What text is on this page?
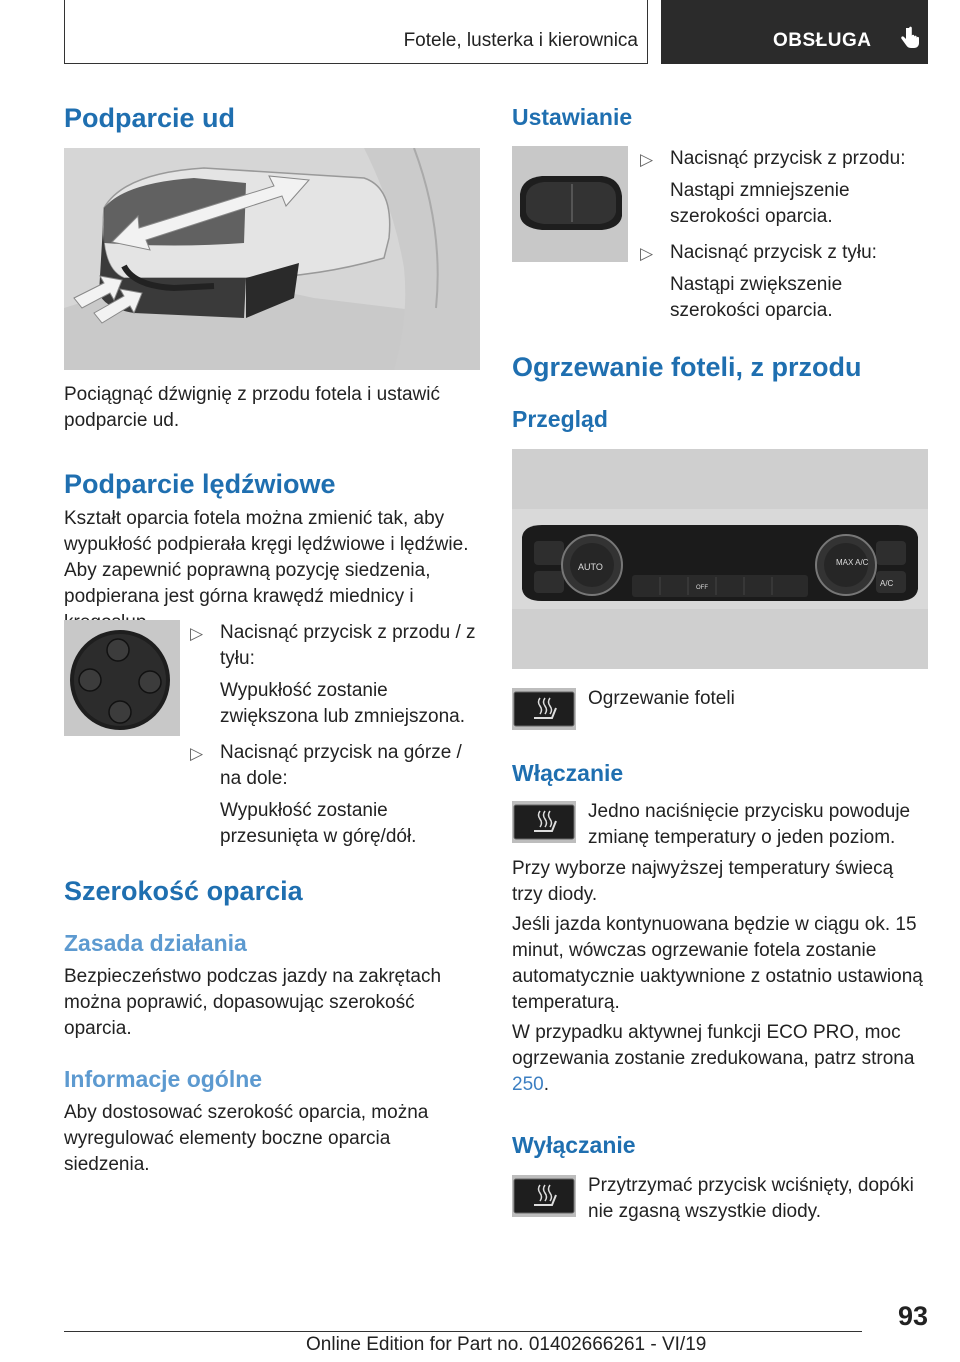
Fotele, lusterka i kierownica	OBSŁUGA
Podparcie ud
Pociągnąć dźwignię z przodu fotela i ustawić podparcie ud.
Podparcie lędźwiowe
Kształt oparcia fotela można zmienić tak, aby wypukłość podpierała kręgi lędźwiowe i lędźwie. Aby zapewnić poprawną pozycję siedzenia, podpierana jest górna krawędź miednicy i
▷ Nacisnąć przycisk z przodu / z tyłu:
Wypukłość zostanie zwiększona lub zmniejszona.
▷ Nacisnąć przycisk na górze / na dole:
Wypukłość zostanie przesunięta w górę/dół.
Szerokość oparcia
Zasada działania
Bezpieczeństwo podczas jazdy na zakrętach można poprawić, dopasowując szerokość oparcia.
Informacje ogólne
Aby dostosować szerokość oparcia, można wyregulować elementy boczne oparcia siedzenia.
Ustawianie
▷ Nacisnąć przycisk z przodu:
Nastąpi zmniejszenie szerokości oparcia.
▷ Nacisnąć przycisk z tyłu:
Nastąpi zwiększenie szerokości oparcia.
Ogrzewanie foteli, z przodu
Przegląd
AUTO	MAX A/C
A/C
OFF
Ogrzewanie foteli
Włączanie
Jedno naciśnięcie przycisku powoduje zmianę temperatury o jeden poziom.
Przy wyborze najwyższej temperatury świecą trzy diody.
Jeśli jazda kontynuowana będzie w ciągu ok. 15 minut, wówczas ogrzewanie fotela zostanie automatycznie uaktywnione z ostatnio ustawioną temperaturą.
W przypadku aktywnej funkcji ECO PRO, moc ogrzewania zostanie zredukowana, patrz strona 250.
Wyłączanie
Przytrzymać przycisk wciśnięty, dopóki nie zgasną wszystkie diody.
93
Online Edition for Part no. 01402666261 - VI/19
